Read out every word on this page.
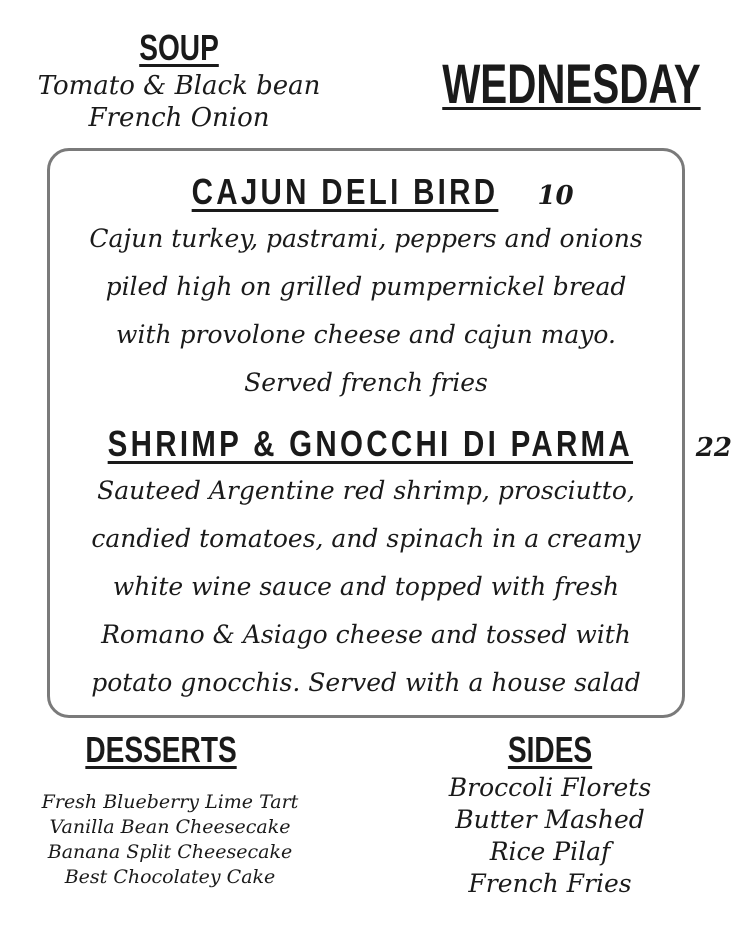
SOUP
Tomato & Black bean
French Onion
WEDNESDAY
CAJUN DELI BIRD 10
Cajun turkey, pastrami, peppers and onions
piled high on grilled pumpernickel bread
with provolone cheese and cajun mayo.
Served french fries
SHRIMP & GNOCCHI DI PARMA 22
Sauteed Argentine red shrimp, prosciutto,
candied tomatoes, and spinach in a creamy
white wine sauce and topped with fresh
Romano & Asiago cheese and tossed with
potato gnocchis. Served with a house salad
DESSERTS
Fresh Blueberry Lime Tart
Vanilla Bean Cheesecake
Banana Split Cheesecake
Best Chocolatey Cake
SIDES
Broccoli Florets
Butter Mashed
Rice Pilaf
French Fries
